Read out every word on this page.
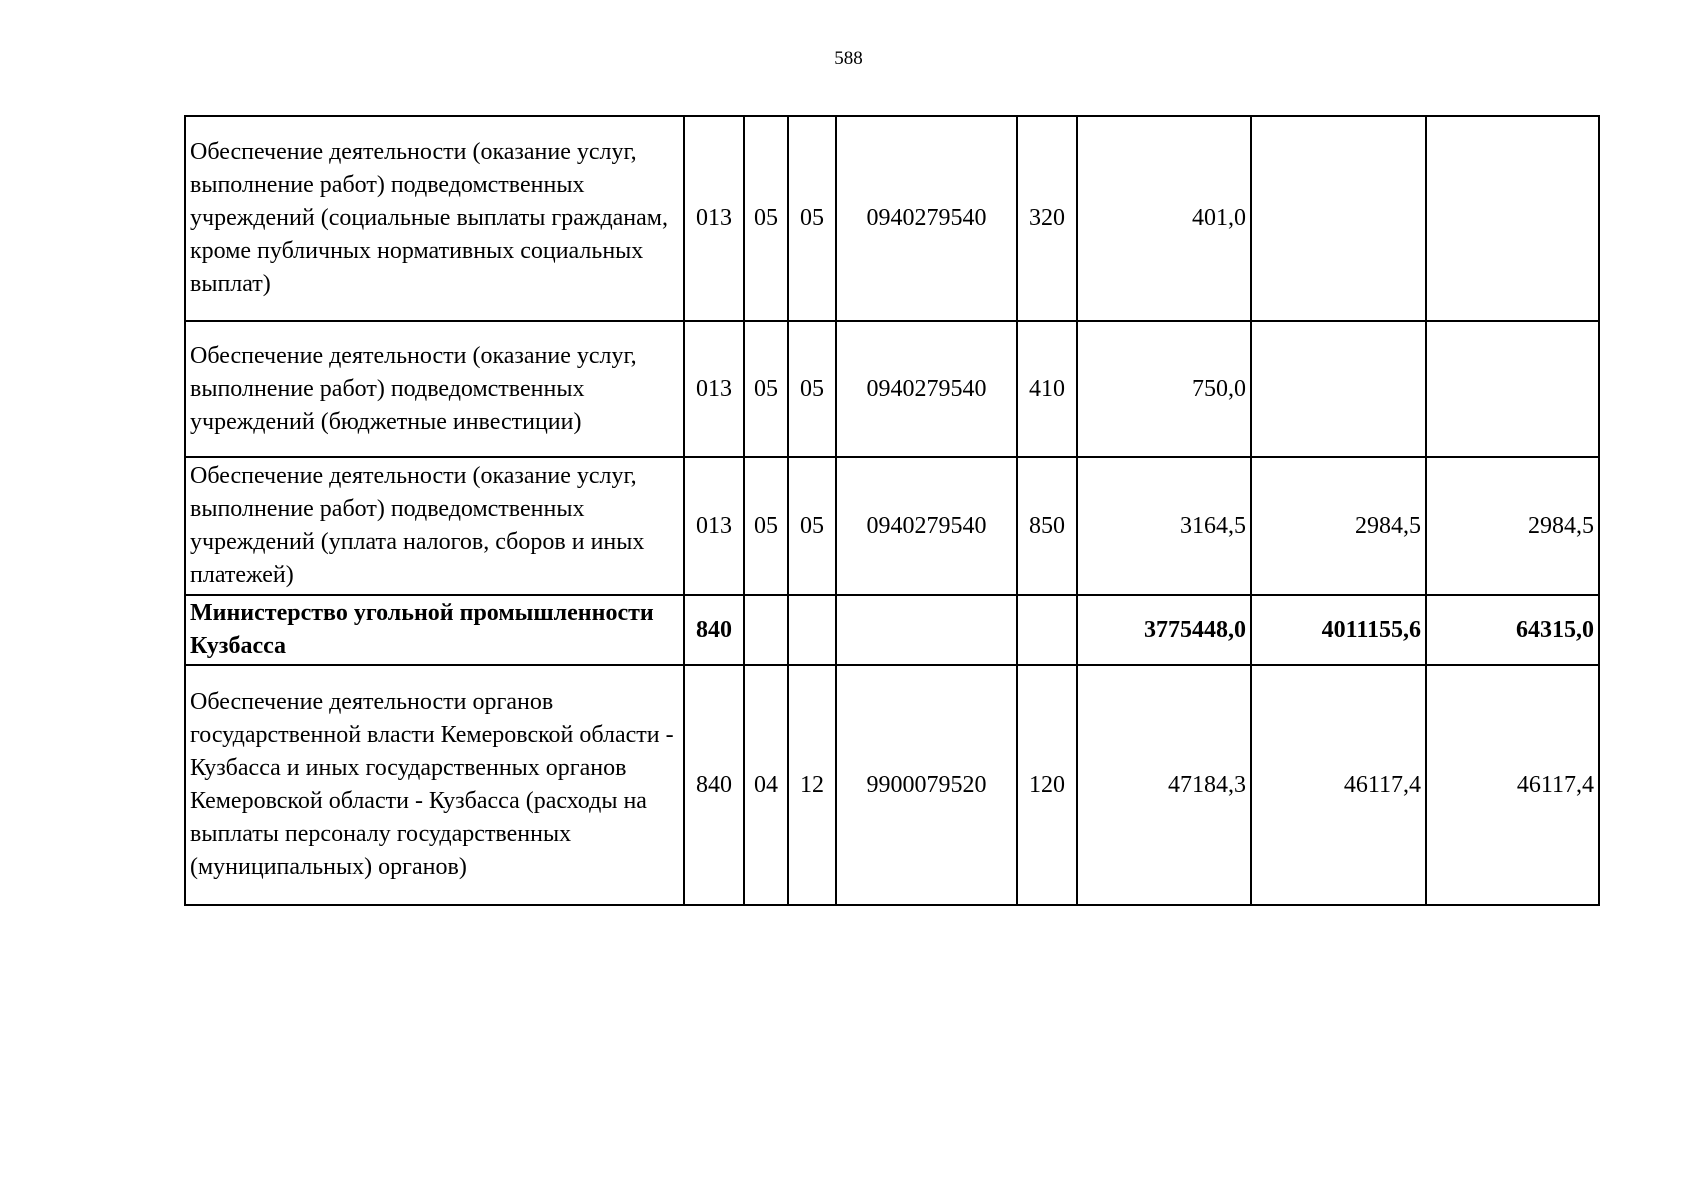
588
Обеспечение деятельности (оказание услуг, выполнение работ) подведомственных учреждений (социальные выплаты гражданам, кроме публичных нормативных социальных выплат)	013	05	05	0940279540	320	401,0		
Обеспечение деятельности (оказание услуг, выполнение работ) подведомственных учреждений (бюджетные инвестиции)	013	05	05	0940279540	410	750,0		
Обеспечение деятельности (оказание услуг, выполнение работ) подведомственных учреждений (уплата налогов, сборов и иных платежей)	013	05	05	0940279540	850	3164,5	2984,5	2984,5
Министерство угольной промышленности Кузбасса	840					3775448,0	4011155,6	64315,0
Обеспечение деятельности органов государственной власти Кемеровской области - Кузбасса и иных государственных органов Кемеровской области - Кузбасса (расходы на выплаты персоналу государственных (муниципальных) органов)	840	04	12	9900079520	120	47184,3	46117,4	46117,4
